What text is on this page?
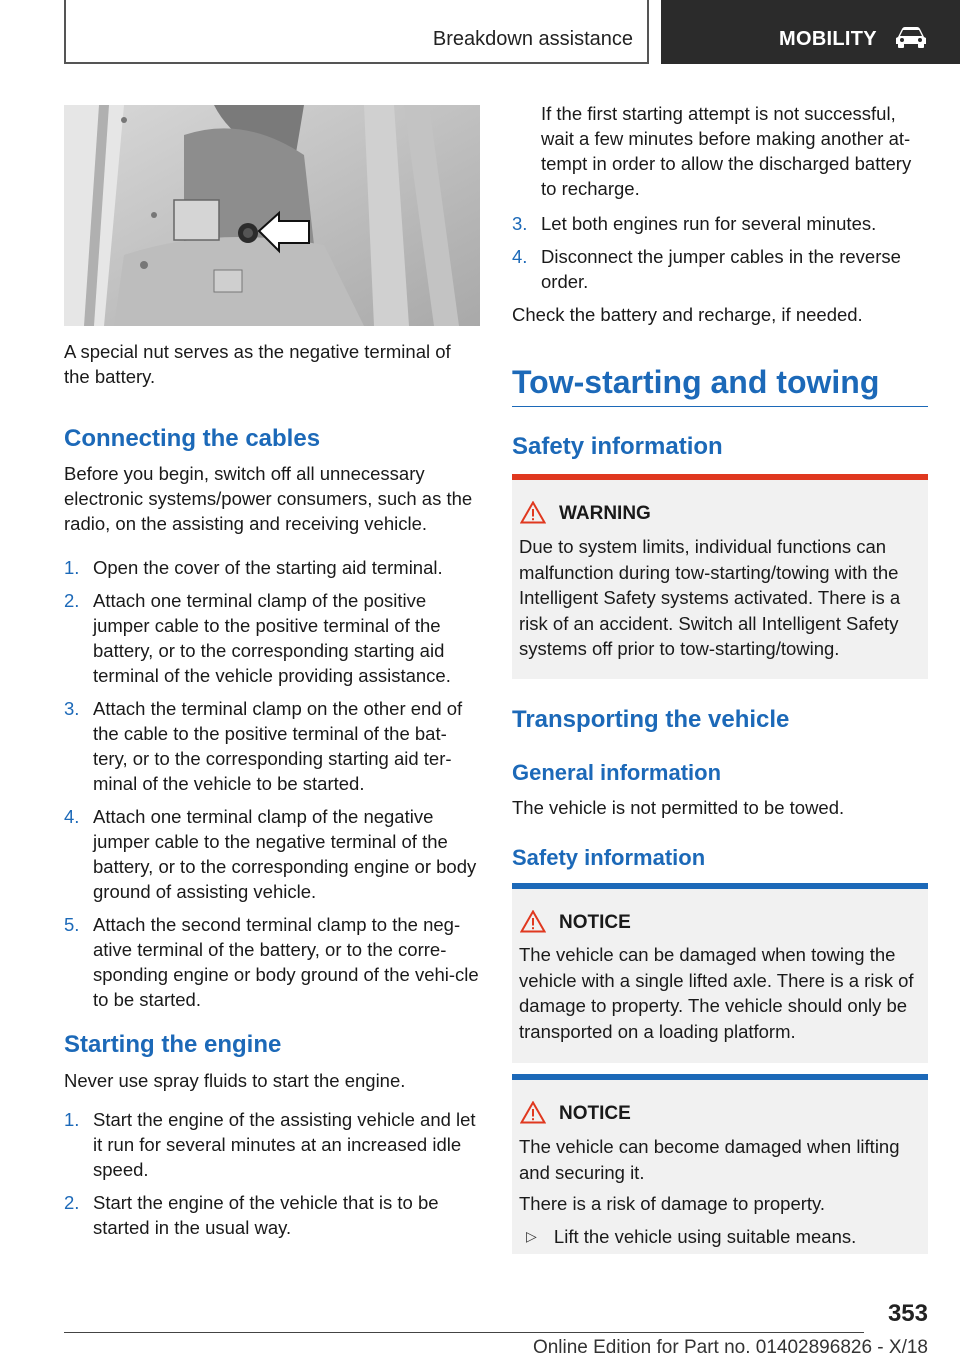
Breakdown assistance	MOBILITY
A special nut serves as the negative terminal of the battery.
Connecting the cables
Before you begin, switch off all unnecessary electronic systems/power consumers, such as the radio, on the assisting and receiving vehicle.
1. Open the cover of the starting aid terminal.
2. Attach one terminal clamp of the positive jumper cable to the positive terminal of the battery, or to the corresponding starting aid terminal of the vehicle providing assistance.
3. Attach the terminal clamp on the other end of the cable to the positive terminal of the bat‐tery, or to the corresponding starting aid ter‐minal of the vehicle to be started.
4. Attach one terminal clamp of the negative jumper cable to the negative terminal of the battery, or to the corresponding engine or body ground of assisting vehicle.
5. Attach the second terminal clamp to the neg‐ative terminal of the battery, or to the corre‐sponding engine or body ground of the vehi‐cle to be started.
Starting the engine
Never use spray fluids to start the engine.
1. Start the engine of the assisting vehicle and let it run for several minutes at an increased idle speed.
2. Start the engine of the vehicle that is to be started in the usual way.
If the first starting attempt is not successful, wait a few minutes before making another at‐tempt in order to allow the discharged battery to recharge.
3. Let both engines run for several minutes.
4. Disconnect the jumper cables in the reverse order.
Check the battery and recharge, if needed.
Tow-starting and towing
Safety information
WARNING
Due to system limits, individual functions can malfunction during tow-starting/towing with the Intelligent Safety systems activated. There is a risk of an accident. Switch all Intelligent Safety systems off prior to tow-starting/towing.
Transporting the vehicle
General information
The vehicle is not permitted to be towed.
Safety information
NOTICE
The vehicle can be damaged when towing the vehicle with a single lifted axle. There is a risk of damage to property. The vehicle should only be transported on a loading platform.
NOTICE
The vehicle can become damaged when lifting and securing it.
There is a risk of damage to property.
▷ Lift the vehicle using suitable means.
353
Online Edition for Part no. 01402896826 - X/18
